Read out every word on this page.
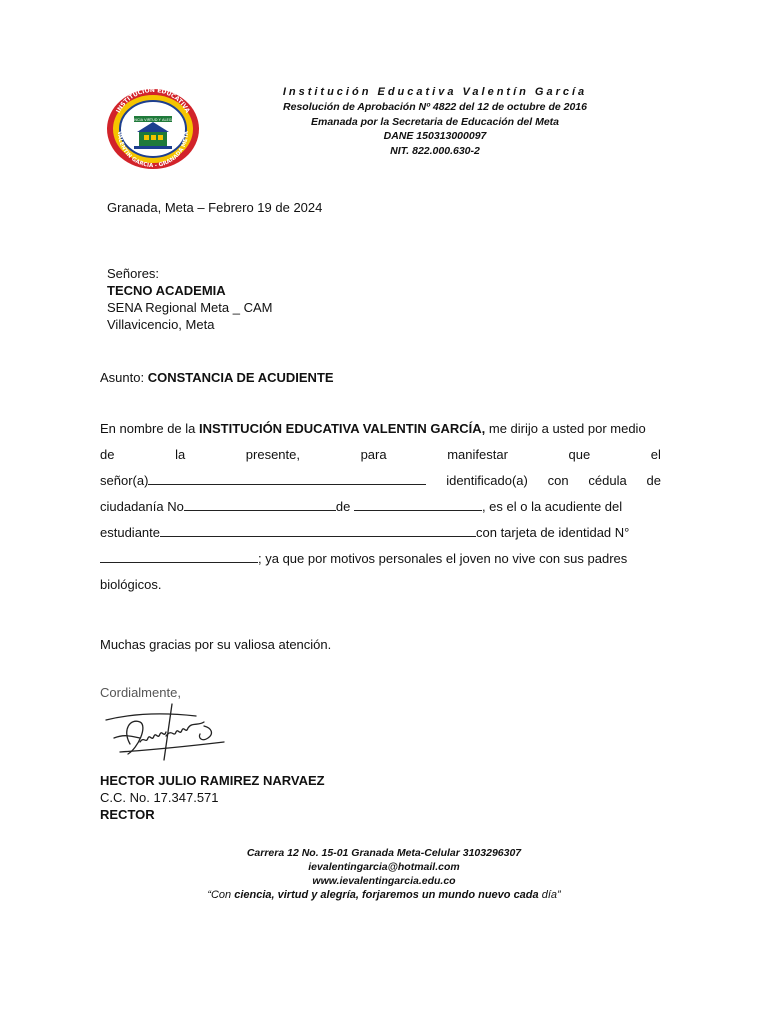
INSTITUCION EDUCATIVA
VALENTIN GARCIA - GRANADA META
CIENCIA VIRTUD Y ALEGRIA
Institución Educativa Valentín García
Resolución de Aprobación Nº 4822 del 12 de octubre de 2016
Emanada por la Secretaria de Educación del Meta
DANE 150313000097
NIT. 822.000.630-2
Granada, Meta – Febrero 19 de 2024
Señores:
TECNO ACADEMIA
SENA Regional Meta _ CAM
Villavicencio, Meta
Asunto: CONSTANCIA DE ACUDIENTE
En nombre de la INSTITUCIÓN EDUCATIVA VALENTIN GARCÍA, me dirijo a usted por medio
de	la	presente,	para	manifestar	que	el
señor(a)	identificado(a) con cédula de
ciudadanía No	de	, es el o la acudiente del
estudiante	con tarjeta de identidad N°
; ya que por motivos personales el joven no vive con sus padres
biológicos.
Muchas gracias por su valiosa atención.
Cordialmente,
HECTOR JULIO RAMIREZ NARVAEZ
C.C. No. 17.347.571
RECTOR
Carrera 12 No. 15-01 Granada Meta-Celular 3103296307
ievalentingarcia@hotmail.com
www.ievalentingarcia.edu.co
“Con ciencia, virtud y alegría, forjaremos un mundo nuevo cada día”
